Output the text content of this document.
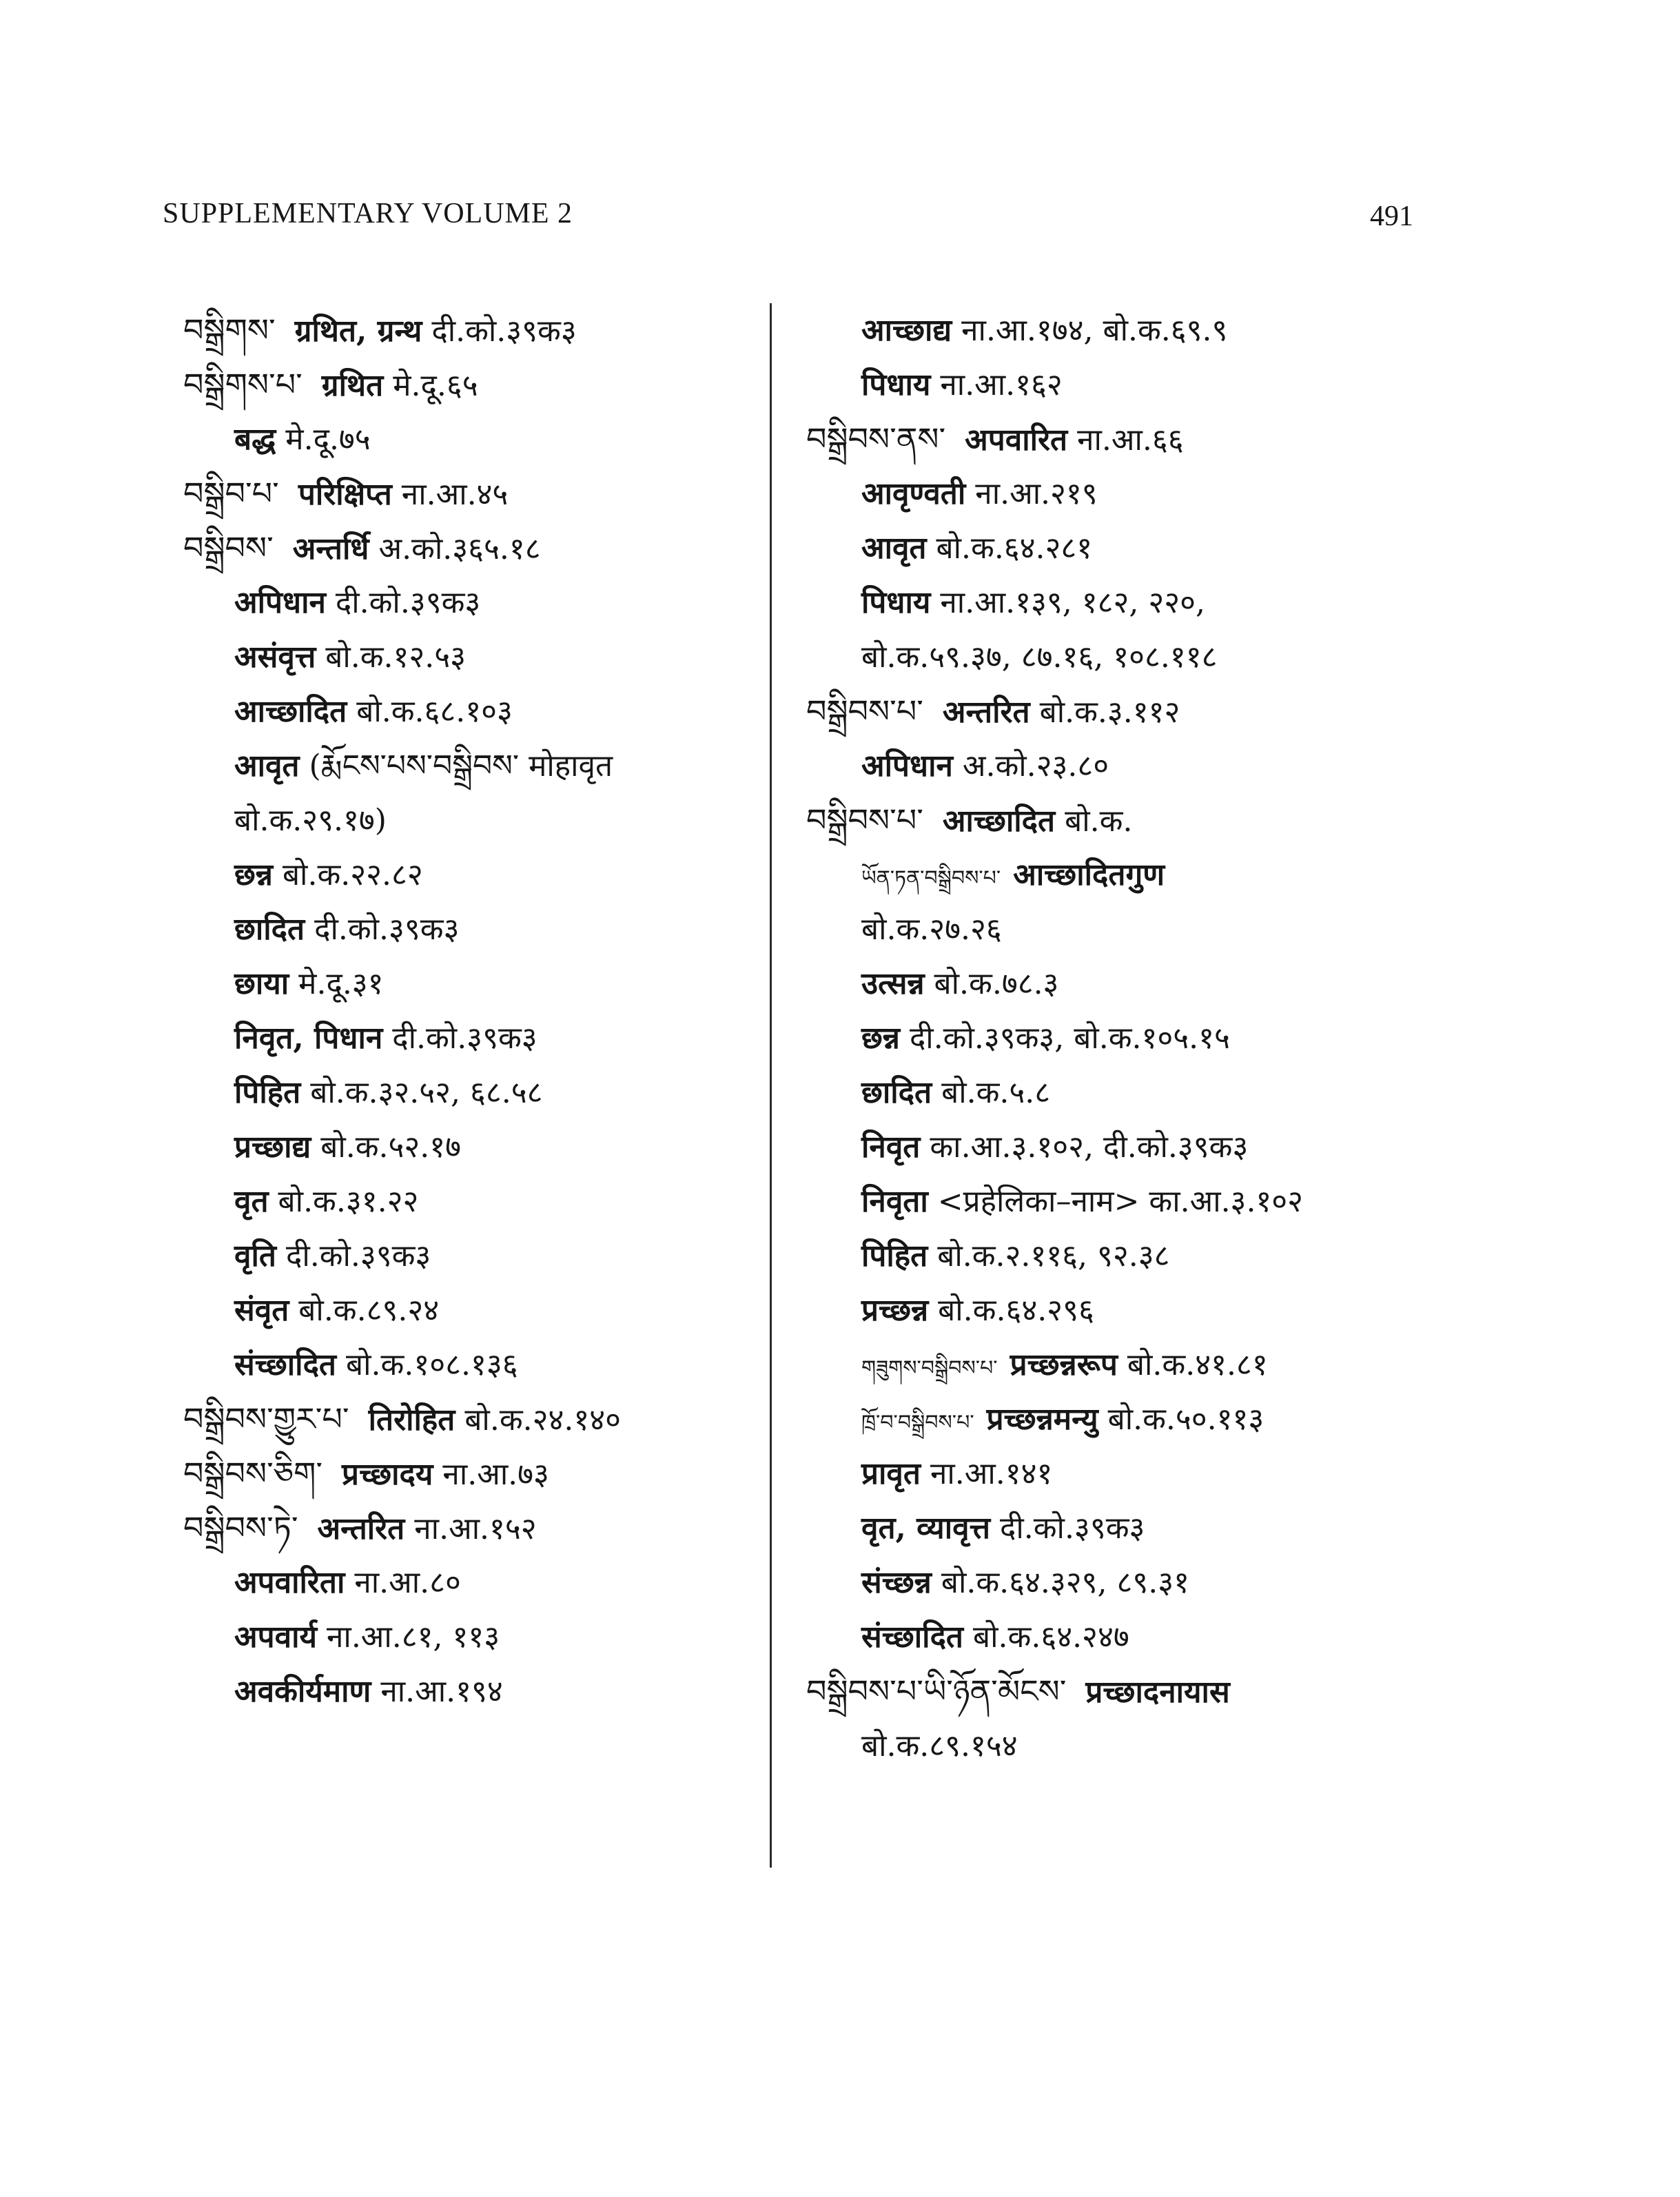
SUPPLEMENTARY VOLUME 2	491
བསྒྲིགས་ ग्रथित, ग्रन्थ दी.को.३९क३
བསྒྲིགས་པ་ ग्रथित मे.दू.६५
बद्ध मे.दू.७५
བསྒྲིབ་པ་ परिक्षिप्त ना.आ.४५
བསྒྲིབས་ अन्तर्धि अ.को.३६५.१८
अपिधान दी.को.३९क३
असंवृत्त बो.क.१२.५३
आच्छादित बो.क.६८.१०३
आवृत (རྨོངས་པས་བསྒྲིབས་ मोहावृत
बो.क.२९.१७)
छन्न बो.क.२२.८२
छादित दी.को.३९क३
छाया मे.दू.३१
निवृत, पिधान दी.को.३९क३
पिहित बो.क.३२.५२, ६८.५८
प्रच्छाद्य बो.क.५२.१७
वृत बो.क.३१.२२
वृति दी.को.३९क३
संवृत बो.क.८९.२४
संच्छादित बो.क.१०८.१३६
བསྒྲིབས་གྱུར་པ་ तिरोहित बो.क.२४.१४०
བསྒྲིབས་ཅིག་ प्रच्छादय ना.आ.७३
བསྒྲིབས་ཏེ་ अन्तरित ना.आ.१५२
अपवारिता ना.आ.८०
अपवार्य ना.आ.८१, ११३
अवकीर्यमाण ना.आ.१९४
आच्छाद्य ना.आ.१७४, बो.क.६९.९
पिधाय ना.आ.१६२
བསྒྲིབས་ནས་ अपवारित ना.आ.६६
आवृण्वती ना.आ.२१९
आवृत बो.क.६४.२८१
पिधाय ना.आ.१३९, १८२, २२०,
बो.क.५९.३७, ८७.१६, १०८.११८
བསྒྲིབས་པ་ अन्तरित बो.क.३.११२
अपिधान अ.को.२३.८०
བསྒྲིབས་པ་ आच्छादित बो.क.
ཡོན་ཏན་བསྒྲིབས་པ་ आच्छादितगुण
बो.क.२७.२६
उत्सन्न बो.क.७८.३
छन्न दी.को.३९क३, बो.क.१०५.१५
छादित बो.क.५.८
निवृत का.आ.३.१०२, दी.को.३९क३
निवृता <प्रहेलिका–नाम> का.आ.३.१०२
पिहित बो.क.२.११६, ९२.३८
प्रच्छन्न बो.क.६४.२९६
གཟུགས་བསྒྲིབས་པ་ प्रच्छन्नरूप बो.क.४१.८१
ཁྲོ་བ་བསྒྲིབས་པ་ प्रच्छन्नमन्यु बो.क.५०.११३
प्रावृत ना.आ.१४१
वृत, व्यावृत्त दी.को.३९क३
संच्छन्न बो.क.६४.३२९, ८९.३१
संच्छादित बो.क.६४.२४७
བསྒྲིབས་པ་ཡི་ཉོན་མོངས་ प्रच्छादनायास
बो.क.८९.१५४
